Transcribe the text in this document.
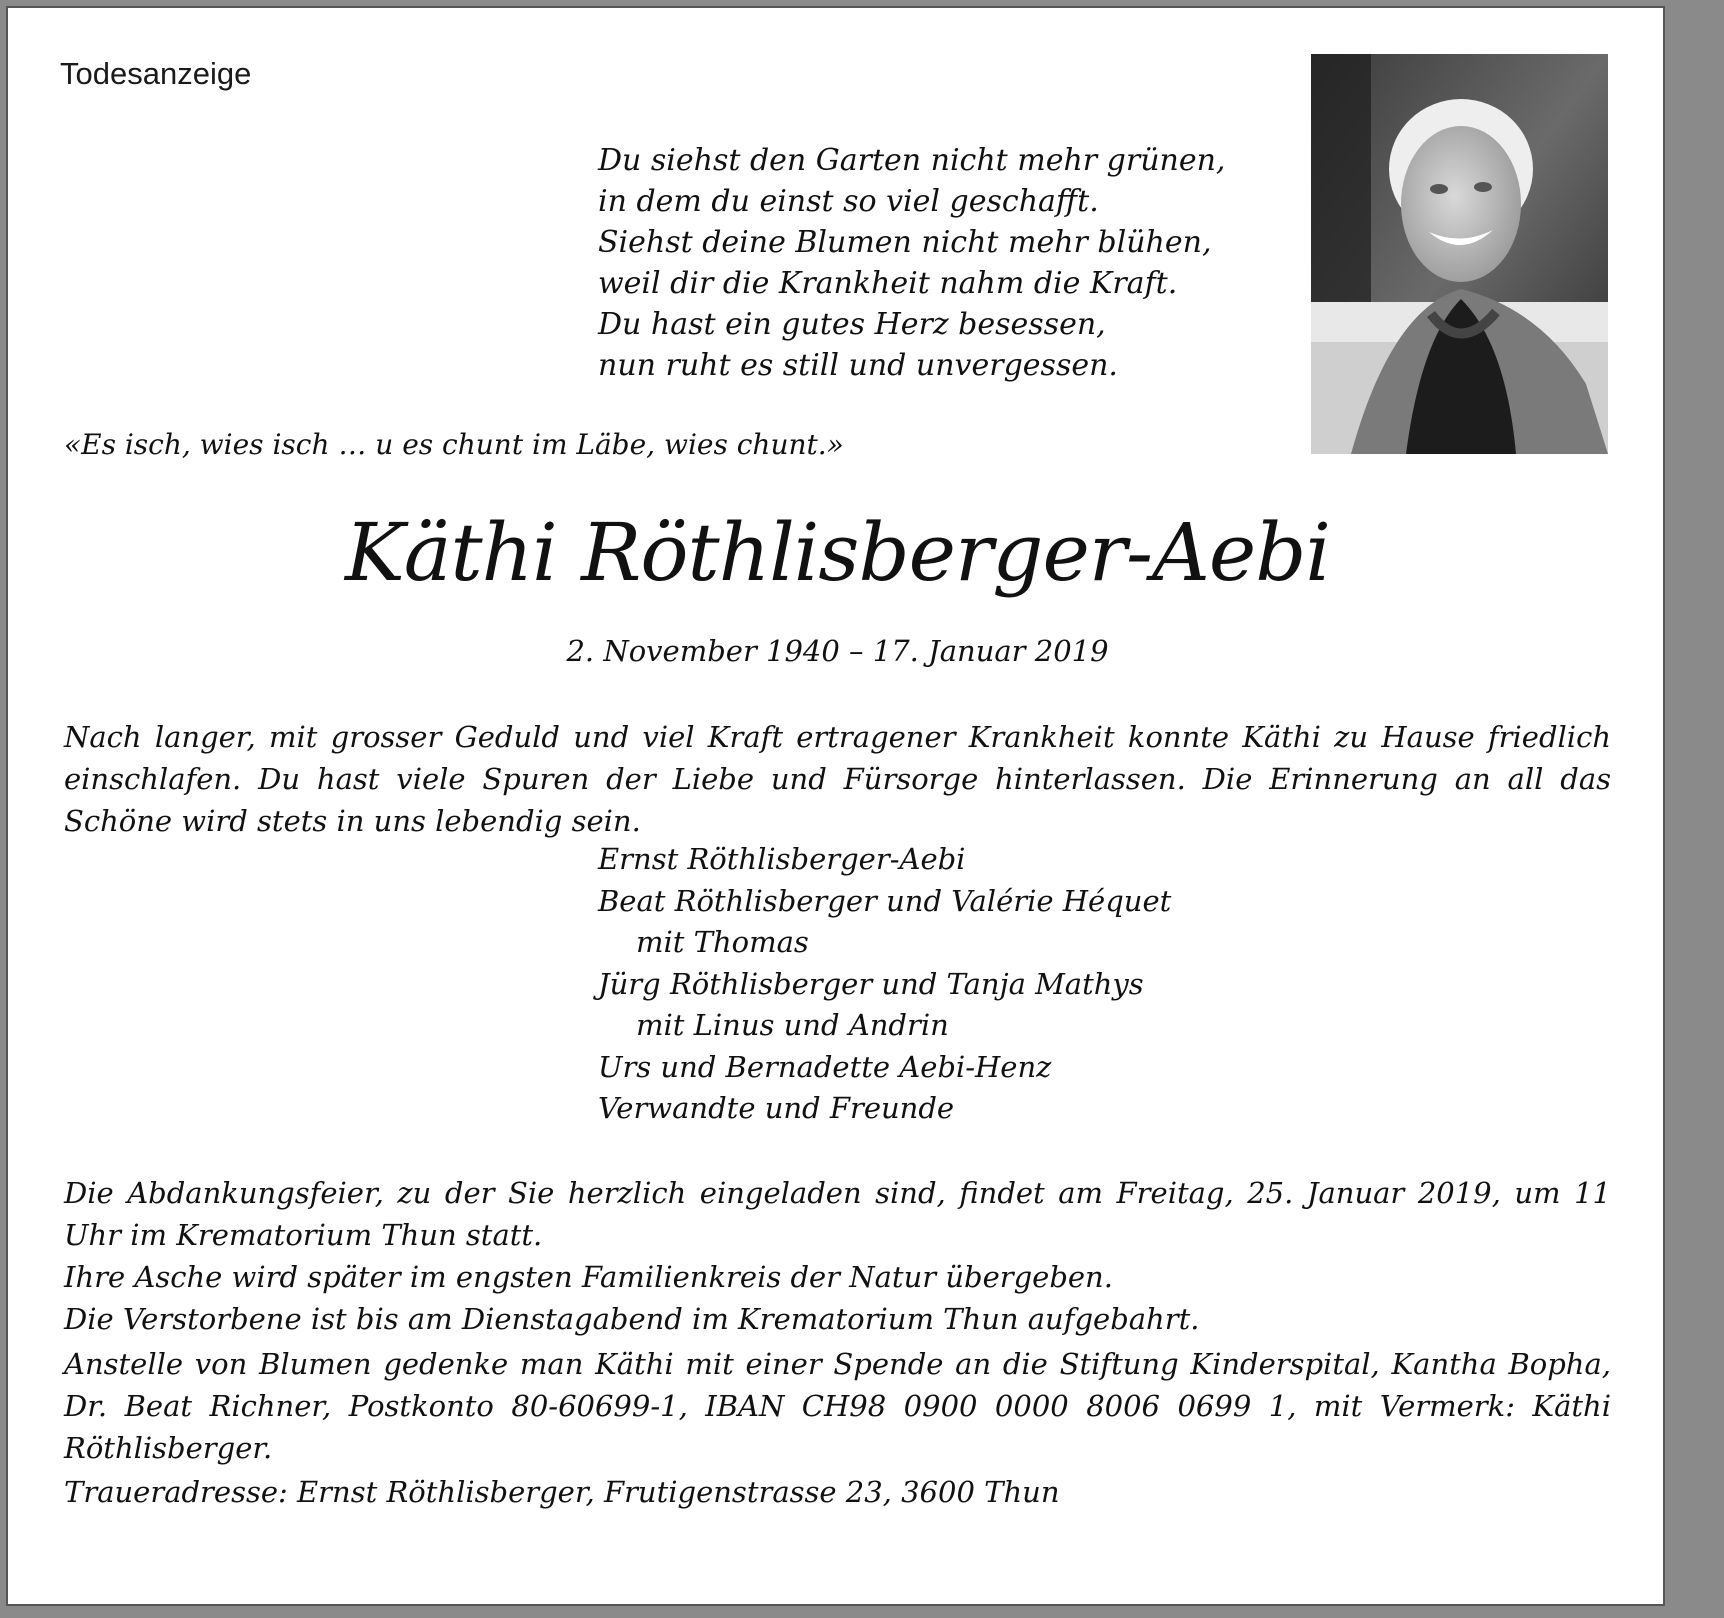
Todesanzeige
Du siehst den Garten nicht mehr grünen,
in dem du einst so viel geschafft.
Siehst deine Blumen nicht mehr blühen,
weil dir die Krankheit nahm die Kraft.
Du hast ein gutes Herz besessen,
nun ruht es still und unvergessen.
«Es isch, wies isch … u es chunt im Läbe, wies chunt.»
Käthi Röthlisberger-Aebi
2. November 1940 – 17. Januar 2019
Nach langer, mit grosser Geduld und viel Kraft ertragener Krankheit konnte Käthi zu Hause friedlich einschlafen. Du hast viele Spuren der Liebe und Fürsorge hinterlassen. Die Erinnerung an all das Schöne wird stets in uns lebendig sein.
Ernst Röthlisberger-Aebi
Beat Röthlisberger und Valérie Héquet
mit Thomas
Jürg Röthlisberger und Tanja Mathys
mit Linus und Andrin
Urs und Bernadette Aebi-Henz
Verwandte und Freunde
Die Abdankungsfeier, zu der Sie herzlich eingeladen sind, findet am Freitag, 25. Januar 2019, um 11 Uhr im Krematorium Thun statt.
Ihre Asche wird später im engsten Familienkreis der Natur übergeben.
Die Verstorbene ist bis am Dienstagabend im Krematorium Thun aufgebahrt.
Anstelle von Blumen gedenke man Käthi mit einer Spende an die Stiftung Kinderspital, Kantha Bopha, Dr. Beat Richner, Postkonto 80-60699-1, IBAN CH98 0900 0000 8006 0699 1, mit Vermerk: Käthi Röthlisberger.
Traueradresse: Ernst Röthlisberger, Frutigenstrasse 23, 3600 Thun
